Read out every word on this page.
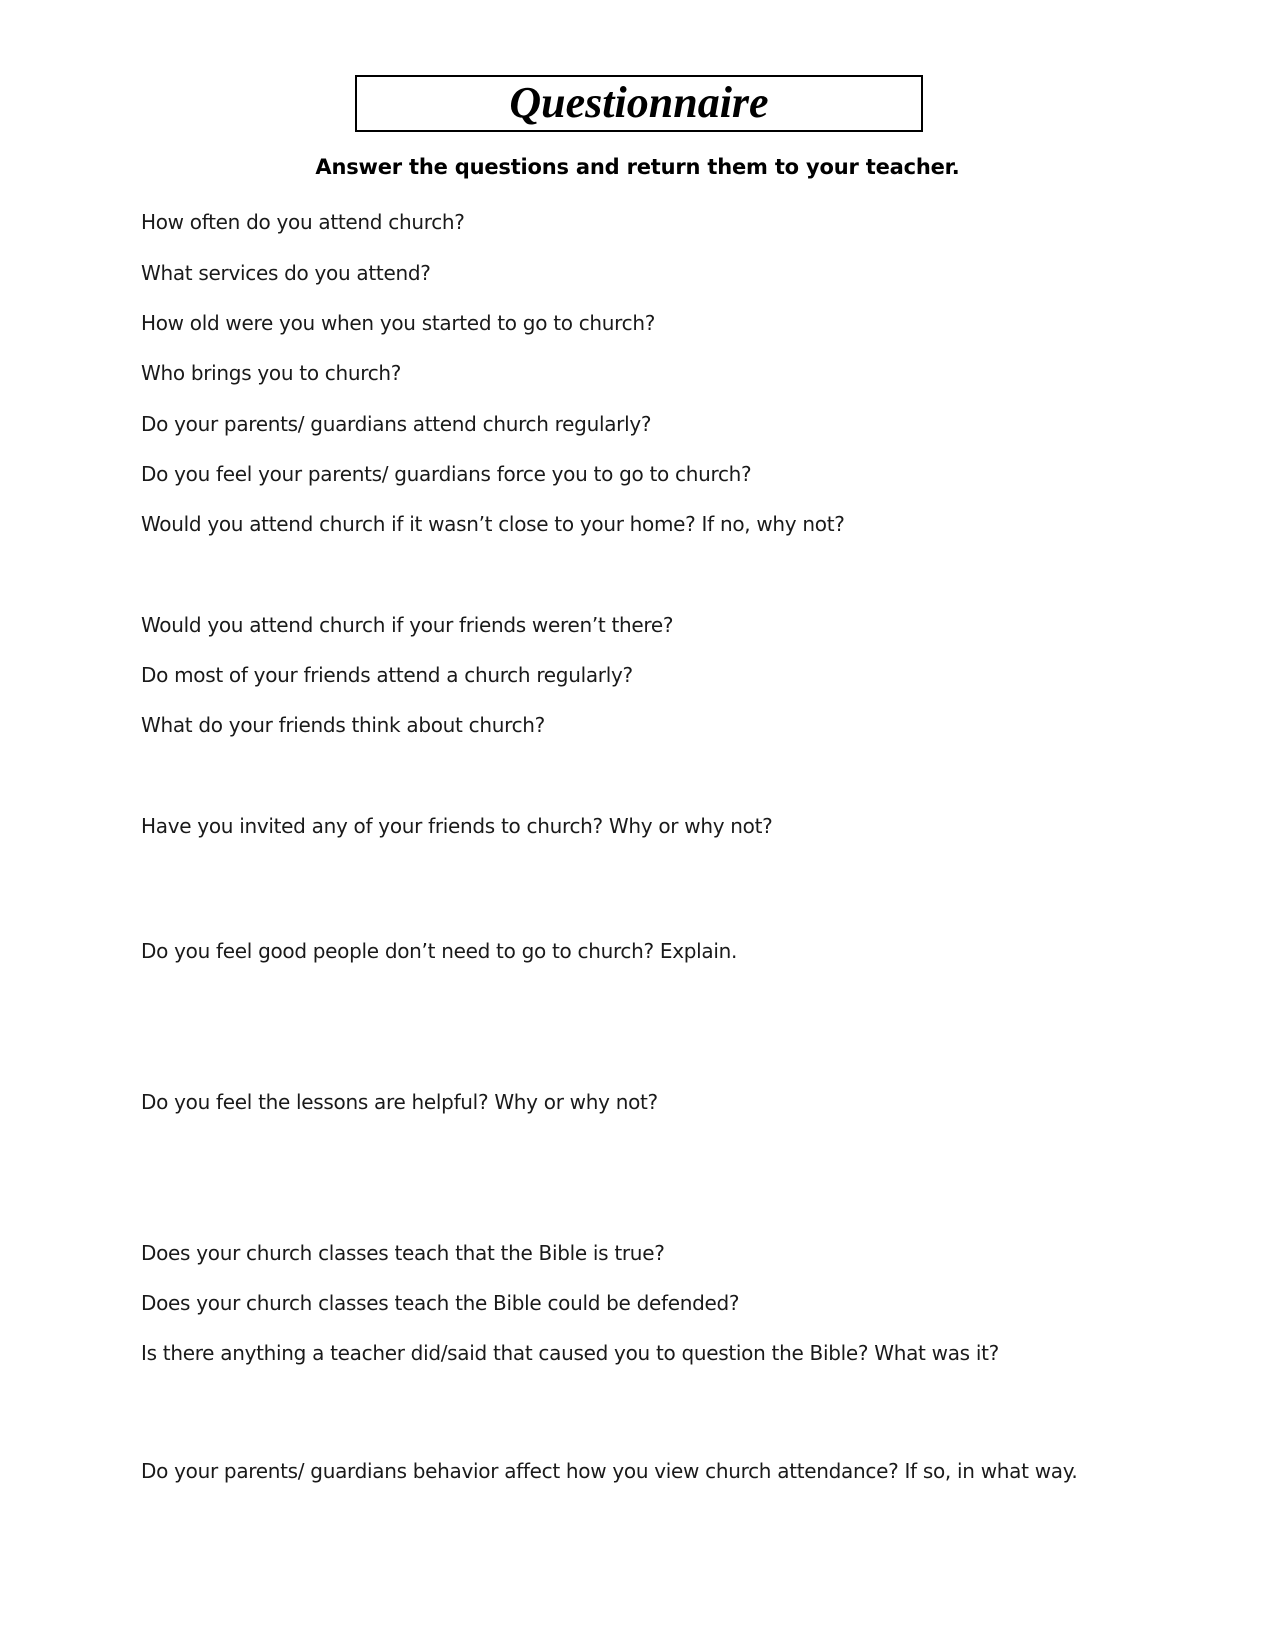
Questionnaire
Answer the questions and return them to your teacher.
How often do you attend church?
What services do you attend?
How old were you when you started to go to church?
Who brings you to church?
Do your parents/ guardians attend church regularly?
Do you feel your parents/ guardians force you to go to church?
Would you attend church if it wasn’t close to your home? If no, why not?
Would you attend church if your friends weren’t there?
Do most of your friends attend a church regularly?
What do your friends think about church?
Have you invited any of your friends to church? Why or why not?
Do you feel good people don’t need to go to church? Explain.
Do you feel the lessons are helpful? Why or why not?
Does your church classes teach that the Bible is true?
Does your church classes teach the Bible could be defended?
Is there anything a teacher did/said that caused you to question the Bible? What was it?
Do your parents/ guardians behavior affect how you view church attendance? If so, in what way.
